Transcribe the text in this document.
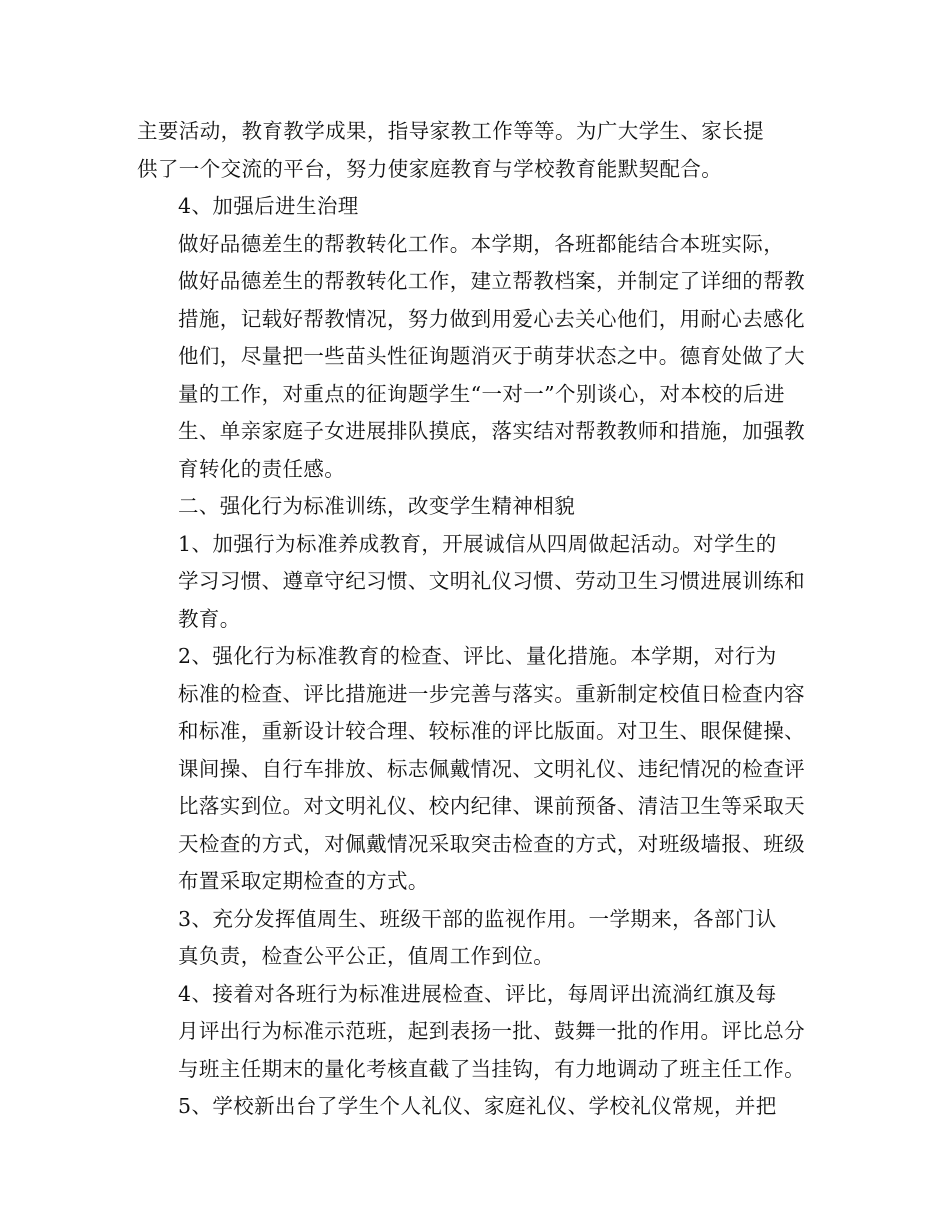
主要活动，教育教学成果，指导家教工作等等。为广大学生、家长提
供了一个交流的平台，努力使家庭教育与学校教育能默契配合。

4、加强后进生治理

做好品德差生的帮教转化工作。本学期，各班都能结合本班实际，
做好品德差生的帮教转化工作，建立帮教档案，并制定了详细的帮教
措施，记载好帮教情况，努力做到用爱心去关心他们，用耐心去感化
他们，尽量把一些苗头性征询题消灭于萌芽状态之中。德育处做了大
量的工作，对重点的征询题学生“一对一”个别谈心，对本校的后进
生、单亲家庭子女进展排队摸底，落实结对帮教教师和措施，加强教
育转化的责任感。

二、强化行为标准训练，改变学生精神相貌

1、加强行为标准养成教育，开展诚信从四周做起活动。对学生的
学习习惯、遵章守纪习惯、文明礼仪习惯、劳动卫生习惯进展训练和
教育。

2、强化行为标准教育的检查、评比、量化措施。本学期，对行为
标准的检查、评比措施进一步完善与落实。重新制定校值日检查内容
和标准，重新设计较合理、较标准的评比版面。对卫生、眼保健操、
课间操、自行车排放、标志佩戴情况、文明礼仪、违纪情况的检查评
比落实到位。对文明礼仪、校内纪律、课前预备、清洁卫生等采取天
天检查的方式，对佩戴情况采取突击检查的方式，对班级墙报、班级
布置采取定期检查的方式。

3、充分发挥值周生、班级干部的监视作用。一学期来，各部门认
真负责，检查公平公正，值周工作到位。

4、接着对各班行为标准进展检查、评比，每周评出流淌红旗及每
月评出行为标准示范班，起到表扬一批、鼓舞一批的作用。评比总分
与班主任期末的量化考核直截了当挂钩，有力地调动了班主任工作。

5、学校新出台了学生个人礼仪、家庭礼仪、学校礼仪常规，并把
